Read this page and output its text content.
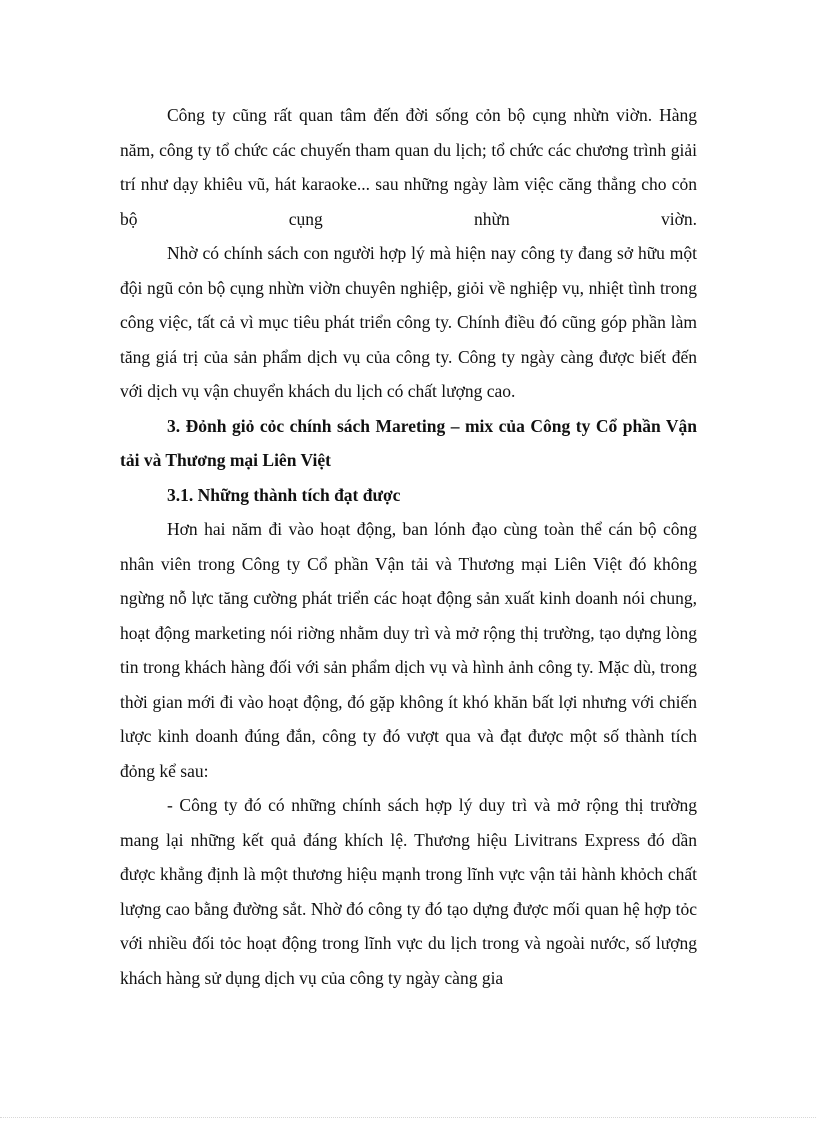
Công ty cũng rất quan tâm đến đời sống cỏn bộ cụng nhừn viờn. Hàng năm, công ty tổ chức các chuyến tham quan du lịch; tổ chức các chương trình giải trí như dạy khiêu vũ, hát karaoke... sau những ngày làm việc căng thẳng cho cỏn bộ cụng nhừn viờn.

Nhờ có chính sách con người hợp lý mà hiện nay công ty đang sở hữu một đội ngũ cỏn bộ cụng nhừn viờn chuyên nghiệp, giỏi về nghiệp vụ, nhiệt tình trong công việc, tất cả vì mục tiêu phát triển công ty. Chính điều đó cũng góp phần làm tăng giá trị của sản phẩm dịch vụ của công ty. Công ty ngày càng được biết đến với dịch vụ vận chuyển khách du lịch có chất lượng cao.

3. Đỏnh giỏ cỏc chính sách Mareting – mix của Công ty Cổ phần Vận tải và Thương mại Liên Việt

3.1. Những thành tích đạt được

Hơn hai năm đi vào hoạt động, ban lónh đạo cùng toàn thể cán bộ công nhân viên trong Công ty Cổ phần Vận tải và Thương mại Liên Việt đó không ngừng nỗ lực tăng cường phát triển các hoạt động sản xuất kinh doanh nói chung, hoạt động marketing nói riờng nhằm duy trì và mở rộng thị trường, tạo dựng lòng tin trong khách hàng đối với sản phẩm dịch vụ và hình ảnh công ty. Mặc dù, trong thời gian mới đi vào hoạt động, đó gặp không ít khó khăn bất lợi nhưng với chiến lược kinh doanh đúng đắn, công ty đó vượt qua và đạt được một số thành tích đỏng kể sau:

- Công ty đó có những chính sách hợp lý duy trì và mở rộng thị trường mang lại những kết quả đáng khích lệ. Thương hiệu Livitrans Express đó dần được khẳng định là một thương hiệu mạnh trong lĩnh vực vận tải hành khỏch chất lượng cao bằng đường sắt. Nhờ đó công ty đó tạo dựng được mối quan hệ hợp tỏc với nhiều đối tỏc hoạt động trong lĩnh vực du lịch trong và ngoài nước, số lượng khách hàng sử dụng dịch vụ của công ty ngày càng gia
